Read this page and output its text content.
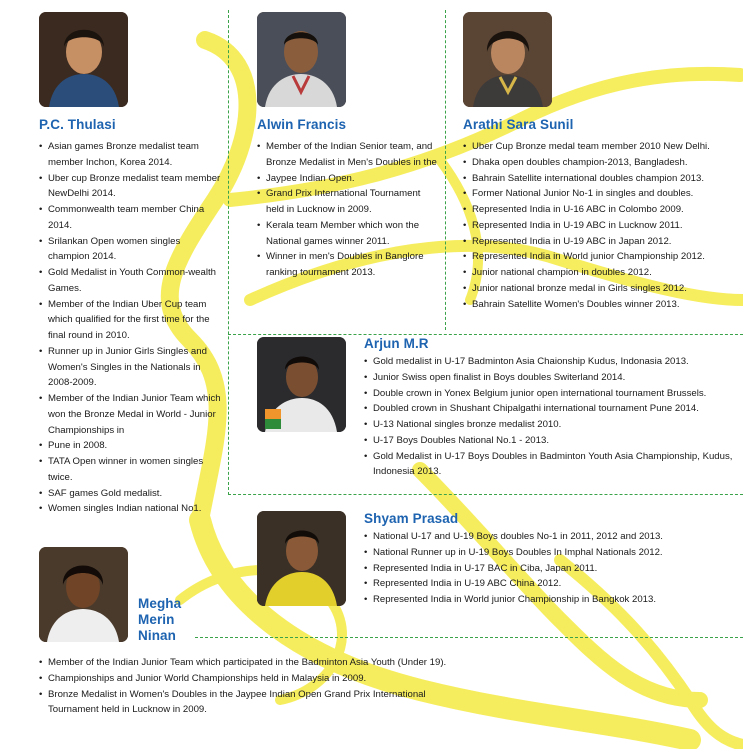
P.C. Thulasi
• Asian games Bronze medalist team member Inchon, Korea 2014.
• Uber cup Bronze medalist team member NewDelhi 2014.
• Commonwealth team member China 2014.
• Srilankan Open women singles champion 2014.
• Gold Medalist in Youth Common-wealth Games.
• Member of the Indian Uber Cup team which qualified for the first time for the final round in 2010.
• Runner up in Junior Girls Singles and Women's Singles in the Nationals in 2008-2009.
• Member of the Indian Junior Team which won the Bronze Medal in World - Junior Championships in
• Pune in 2008.
• TATA Open winner in women singles twice.
• SAF games Gold medalist.
• Women singles Indian national No1.
Alwin Francis
• Member of the Indian Senior team, and Bronze Medalist in Men's Doubles in the
• Jaypee Indian Open.
• Grand Prix International Tournament held in Lucknow in 2009.
• Kerala team Member which won the National games winner 2011.
• Winner in men's Doubles in Banglore ranking tournament 2013.
Arathi Sara Sunil
• Uber Cup Bronze medal team member 2010 New Delhi.
• Dhaka open doubles champion-2013, Bangladesh.
• Bahrain Satellite international doubles champion 2013.
• Former National Junior No-1 in singles and doubles.
• Represented India in U-16 ABC in Colombo 2009.
• Represented India in U-19 ABC in Lucknow 2011.
• Represented India in U-19 ABC in Japan 2012.
• Represented India in World junior Championship 2012.
• Junior national champion in doubles 2012.
• Junior national bronze medal in Girls singles 2012.
• Bahrain Satellite Women's Doubles winner 2013.
Arjun M.R
• Gold medalist in U-17 Badminton Asia Chaionship Kudus, Indonasia 2013.
• Junior Swiss open finalist in Boys doubles Switerland 2014.
• Double crown in Yonex Belgium junior open international tournament Brussels.
• Doubled crown in Shushant Chipalgathi international tournament Pune 2014.
• U-13 National singles bronze medalist 2010.
• U-17 Boys Doubles National No.1 - 2013.
• Gold Medalist in U-17 Boys Doubles in Badminton Youth Asia Championship, Kudus, Indonesia 2013.
Shyam Prasad
• National U-17 and U-19 Boys doubles No-1 in 2011, 2012 and 2013.
• National Runner up in U-19 Boys Doubles In Imphal Nationals 2012.
• Represented India in U-17 BAC in Ciba, Japan 2011.
• Represented India in U-19 ABC China 2012.
• Represented India in World junior Championship in Bangkok 2013.
Megha
Merin
Ninan
• Member of the Indian Junior Team which participated in the Badminton Asia Youth (Under 19).
• Championships and Junior World Championships held in Malaysia in 2009.
• Bronze Medalist in Women's Doubles in the Jaypee Indian Open Grand Prix International Tournament held in Lucknow in 2009.
